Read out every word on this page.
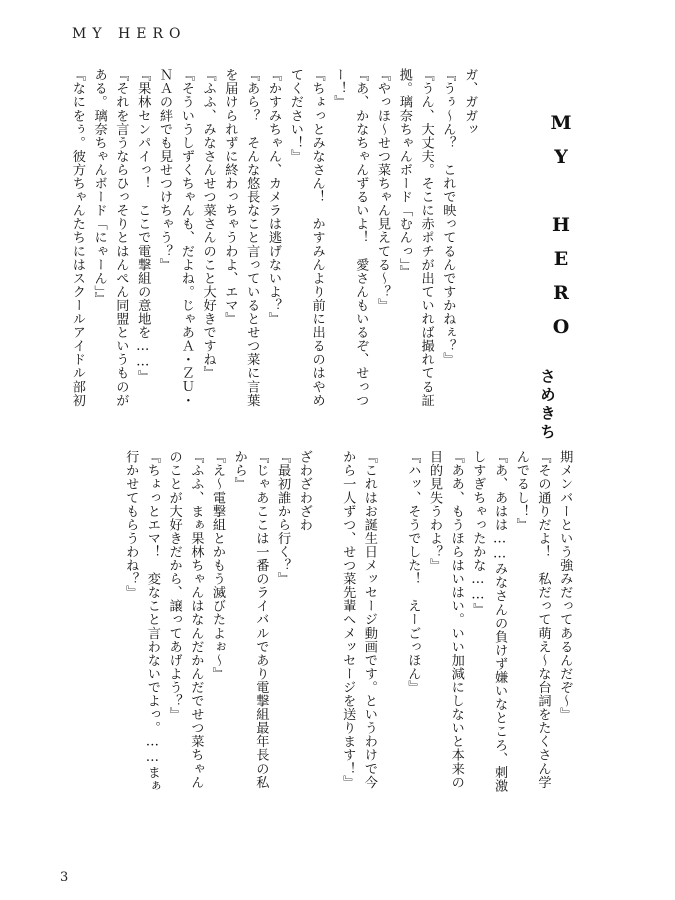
MY HERO
MY HERO
さめきち
ガ、ガガッ
『うぅ〜ん？　これで映ってるんですかねぇ？』
『うん、大丈夫。そこに赤ポチが出ていれば撮れてる証
拠。璃奈ちゃんボード「むんっ」』
『やっほ〜せつ菜ちゃん見えてる〜？』
『あ、かなちゃんずるいよ！　愛さんもいるぞ、せっつ
ー！』
『ちょっとみなさん！　かすみんより前に出るのはやめ
てください！』
『かすみちゃん、カメラは逃げないよ？』
『あら？　そんな悠長なこと言っているとせつ菜に言葉
を届けられずに終わっちゃうわよ、エマ』
『ふふ、みなさんせつ菜さんのこと大好きですね』
『そういうしずくちゃんも、だよね。じゃあＡ・ＺＵ・
ＮＡの絆でも見せつけちゃう？』
『果林センパイっ！　ここで電撃組の意地を……』
『それを言うならひっそりとはんぺん同盟というものが
ある。璃奈ちゃんボード「にゃーん」』
『なにをぅ。彼方ちゃんたちにはスクールアイドル部初
期メンバーという強みだってあるんだぞ〜』
『その通りだよ！　私だって萌え〜な台詞をたくさん学
んでるし！』
『あ、あはは……みなさんの負けず嫌いなところ、刺激
しすぎちゃったかな……』
『ああ、もうほらはいはい。いい加減にしないと本来の
目的見失うわよ？』
『ハッ、そうでした！　えーごっほん』
『これはお誕生日メッセージ動画です。というわけで今
から一人ずつ、せつ菜先輩へメッセージを送ります！』
ざわざわざわ
『最初誰から行く？』
『じゃあここは一番のライバルであり電撃組最年長の私
から』
『え〜電撃組とかもう滅びたよぉ〜』
『ふふ、まぁ果林ちゃんはなんだかんだでせつ菜ちゃん
のことが大好きだから、譲ってあげよう？』
『ちょっとエマ！　変なこと言わないでよっ。……まぁ
行かせてもらうわね？』
3
